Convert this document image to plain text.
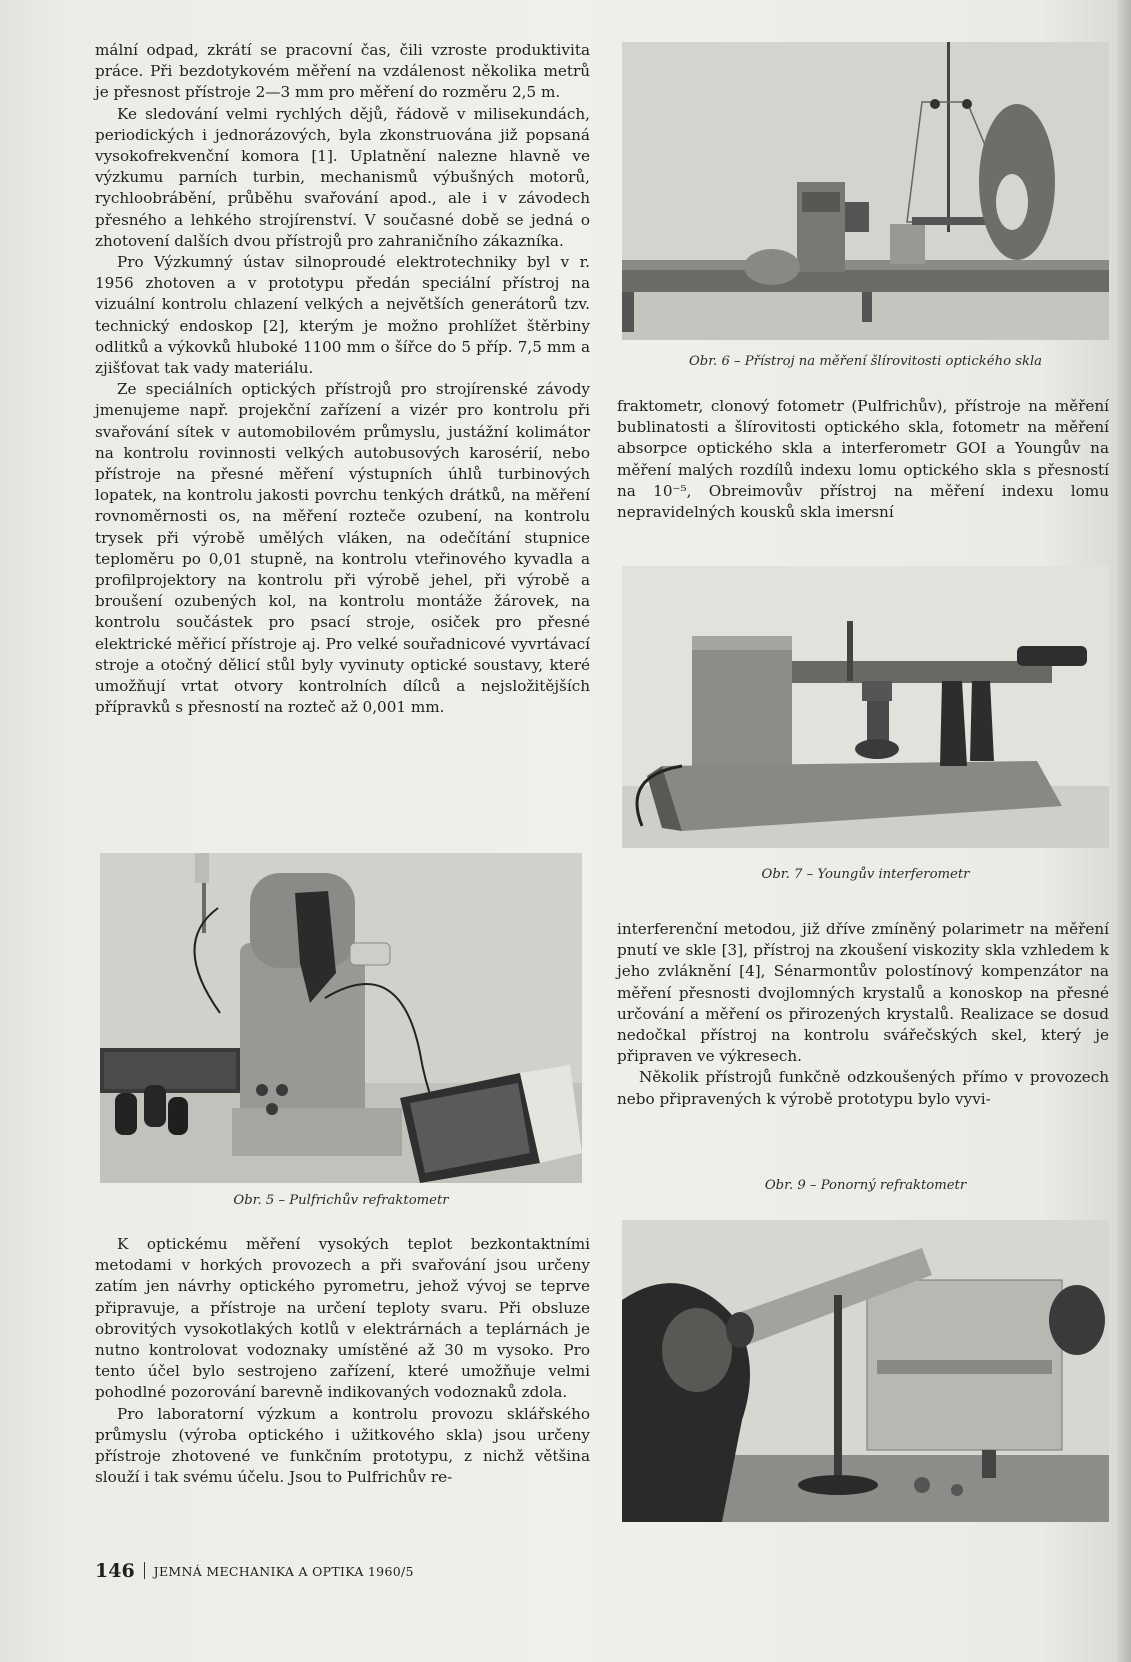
mální odpad, zkrátí se pracovní čas, čili vzroste produktivita práce. Při bezdotykovém měření na vzdálenost několika metrů je přesnost přístroje 2—3 mm pro měření do rozměru 2,5 m.

Ke sledování velmi rychlých dějů, řádově v milisekundách, periodických i jednorázových, byla zkonstruována již popsaná vysokofrekvenční komora [1]. Uplatnění nalezne hlavně ve výzkumu parních turbin, mechanismů výbušných motorů, rychloobrábění, průběhu svařování apod., ale i v závodech přesného a lehkého strojírenství. V současné době se jedná o zhotovení dalších dvou přístrojů pro zahraničního zákazníka.

Pro Výzkumný ústav silnoproudé elektrotechniky byl v r. 1956 zhotoven a v prototypu předán speciální přístroj na vizuální kontrolu chlazení velkých a největších generátorů tzv. technický endoskop [2], kterým je možno prohlížet štěrbiny odlitků a výkovků hluboké 1100 mm o šířce do 5 příp. 7,5 mm a zjišťovat tak vady materiálu.

Ze speciálních optických přístrojů pro strojírenské závody jmenujeme např. projekční zařízení a vizér pro kontrolu při svařování sítek v automobilovém průmyslu, justážní kolimátor na kontrolu rovinnosti velkých autobusových karosérií, nebo přístroje na přesné měření výstupních úhlů turbinových lopatek, na kontrolu jakosti povrchu tenkých drátků, na měření rovnoměrnosti os, na měření rozteče ozubení, na kontrolu trysek při výrobě umělých vláken, na odečítání stupnice teploměru po 0,01 stupně, na kontrolu vteřinového kyvadla a profilprojektory na kontrolu při výrobě jehel, při výrobě a broušení ozubených kol, na kontrolu montáže žárovek, na kontrolu součástek pro psací stroje, osiček pro přesné elektrické měřicí přístroje aj. Pro velké souřadnicové vyvrtávací stroje a otočný dělicí stůl byly vyvinuty optické soustavy, které umožňují vrtat otvory kontrolních dílců a nejsložitějších přípravků s přesností na rozteč až 0,001 mm.

Obr. 5 – Pulfrichův refraktometr

K optickému měření vysokých teplot bezkontaktními metodami v horkých provozech a při svařování jsou určeny zatím jen návrhy optického pyrometru, jehož vývoj se teprve připravuje, a přístroje na určení teploty svaru. Při obsluze obrovitých vysokotlakých kotlů v elektrárnách a teplárnách je nutno kontrolovat vodoznaky umístěné až 30 m vysoko. Pro tento účel bylo sestrojeno zařízení, které umožňuje velmi pohodlné pozorování barevně indikovaných vodoznaků zdola.

Pro laboratorní výzkum a kontrolu provozu sklářského průmyslu (výroba optického i užitkového skla) jsou určeny přístroje zhotovené ve funkčním prototypu, z nichž většina slouží i tak svému účelu. Jsou to Pulfrichův re-

Obr. 6 – Přístroj na měření šlírovitosti optického skla

fraktometr, clonový fotometr (Pulfrichův), přístroje na měření bublinatosti a šlírovitosti optického skla, fotometr na měření absorpce optického skla a interferometr GOI a Youngův na měření malých rozdílů indexu lomu optického skla s přesností na 10⁻⁵, Obreimovův přístroj na měření indexu lomu nepravidelných kousků skla imersní

Obr. 7 – Youngův interferometr

interferenční metodou, již dříve zmíněný polarimetr na měření pnutí ve skle [3], přístroj na zkoušení viskozity skla vzhledem k jeho zvláknění [4], Sénarmontův polostínový kompenzátor na měření přesnosti dvojlomných krystalů a konoskop na přesné určování a měření os přirozených krystalů. Realizace se dosud nedočkal přístroj na kontrolu svářečských skel, který je připraven ve výkresech.

Několik přístrojů funkčně odzkoušených přímo v provozech nebo připravených k výrobě prototypu bylo vyvi-

Obr. 9 – Ponorný refraktometr
146 JEMNÁ MECHANIKA A OPTIKA 1960/5
